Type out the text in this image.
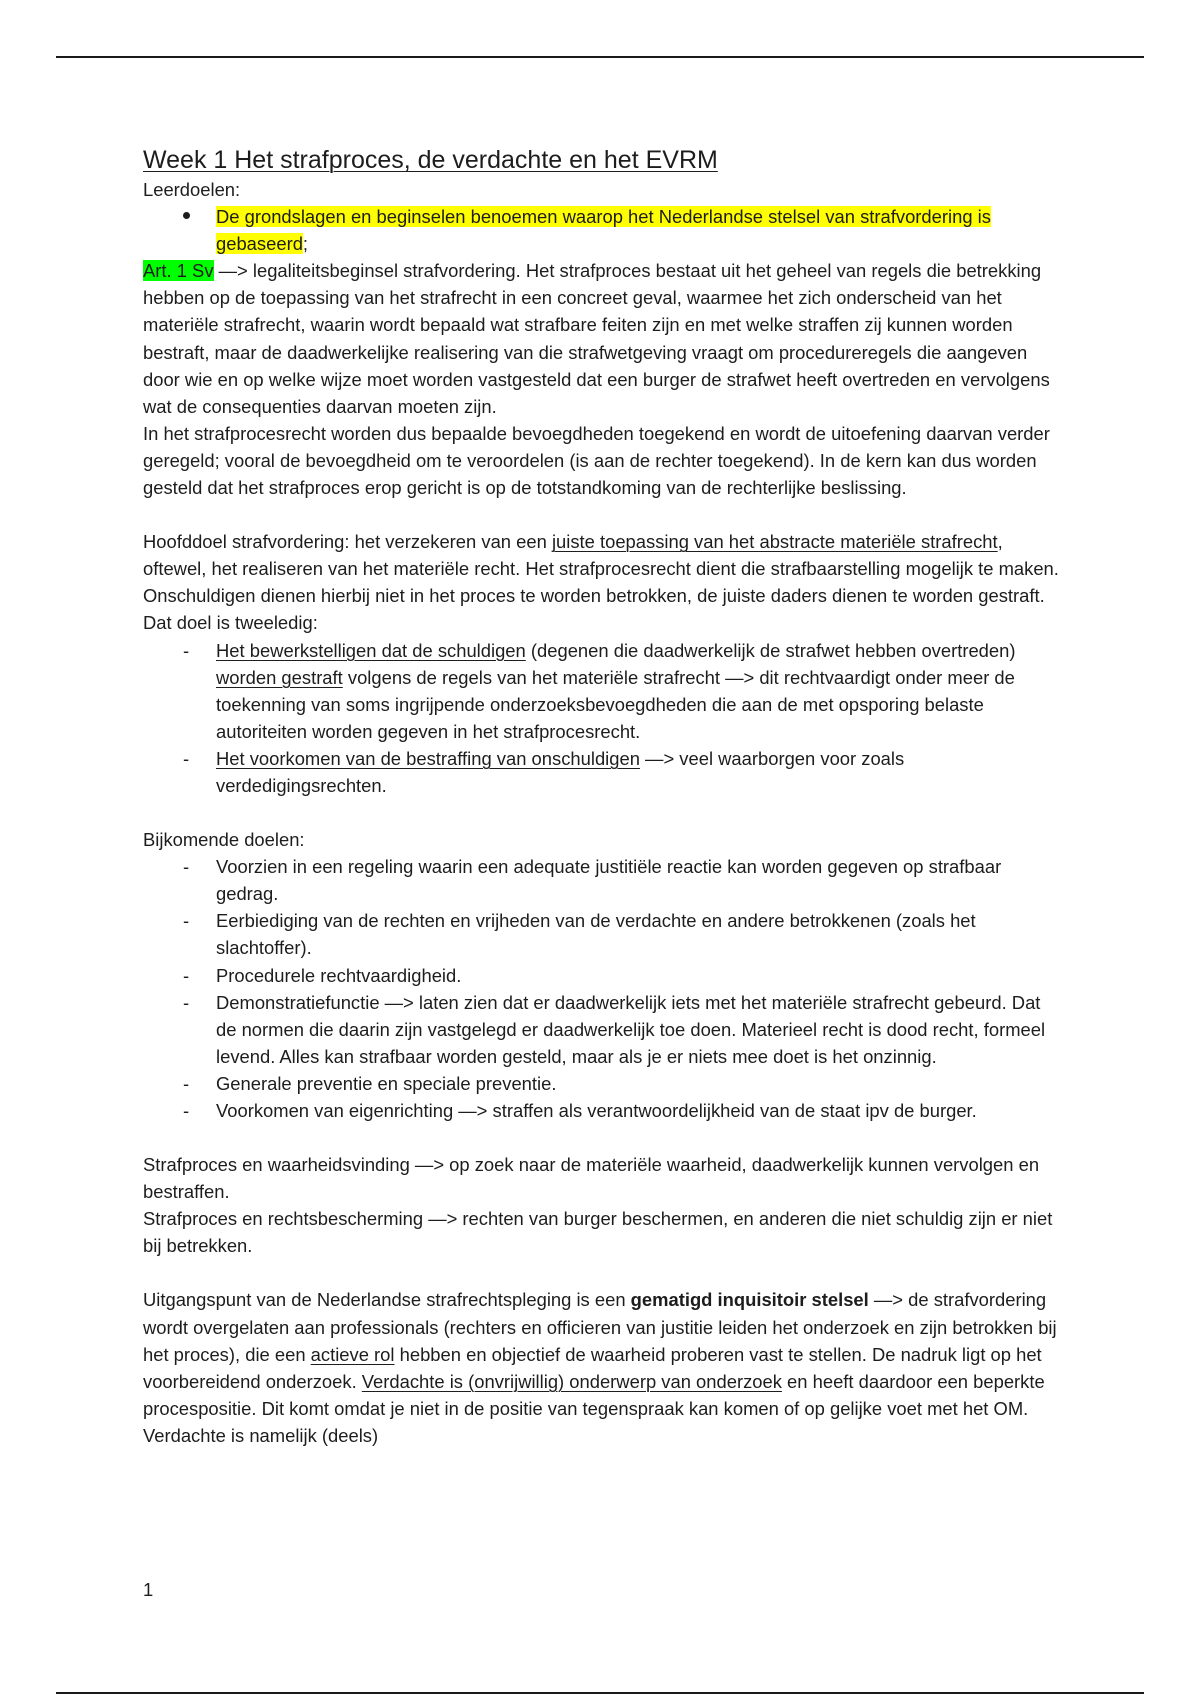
Week 1 Het strafproces, de verdachte en het EVRM

Leerdoelen:

De grondslagen en beginselen benoemen waarop het Nederlandse stelsel van strafvordering is gebaseerd;

Art. 1 Sv —> legaliteitsbeginsel strafvordering. Het strafproces bestaat uit het geheel van regels die betrekking hebben op de toepassing van het strafrecht in een concreet geval, waarmee het zich onderscheid van het materiële strafrecht, waarin wordt bepaald wat strafbare feiten zijn en met welke straffen zij kunnen worden bestraft, maar de daadwerkelijke realisering van die strafwetgeving vraagt om procedureregels die aangeven door wie en op welke wijze moet worden vastgesteld dat een burger de strafwet heeft overtreden en vervolgens wat de consequenties daarvan moeten zijn.

In het strafprocesrecht worden dus bepaalde bevoegdheden toegekend en wordt de uitoefening daarvan verder geregeld; vooral de bevoegdheid om te veroordelen (is aan de rechter toegekend). In de kern kan dus worden gesteld dat het strafproces erop gericht is op de totstandkoming van de rechterlijke beslissing.

Hoofddoel strafvordering: het verzekeren van een juiste toepassing van het abstracte materiële strafrecht, oftewel, het realiseren van het materiële recht. Het strafprocesrecht dient die strafbaarstelling mogelijk te maken. Onschuldigen dienen hierbij niet in het proces te worden betrokken, de juiste daders dienen te worden gestraft. Dat doel is tweeledig:

- Het bewerkstelligen dat de schuldigen (degenen die daadwerkelijk de strafwet hebben overtreden) worden gestraft volgens de regels van het materiële strafrecht —> dit rechtvaardigt onder meer de toekenning van soms ingrijpende onderzoeksbevoegdheden die aan de met opsporing belaste autoriteiten worden gegeven in het strafprocesrecht.
- Het voorkomen van de bestraffing van onschuldigen —> veel waarborgen voor zoals verdedigingsrechten.

Bijkomende doelen:

- Voorzien in een regeling waarin een adequate justitiële reactie kan worden gegeven op strafbaar gedrag.
- Eerbiediging van de rechten en vrijheden van de verdachte en andere betrokkenen (zoals het slachtoffer).
- Procedurele rechtvaardigheid.
- Demonstratiefunctie —> laten zien dat er daadwerkelijk iets met het materiële strafrecht gebeurd. Dat de normen die daarin zijn vastgelegd er daadwerkelijk toe doen. Materieel recht is dood recht, formeel levend. Alles kan strafbaar worden gesteld, maar als je er niets mee doet is het onzinnig.
- Generale preventie en speciale preventie.
- Voorkomen van eigenrichting —> straffen als verantwoordelijkheid van de staat ipv de burger.

Strafproces en waarheidsvinding —> op zoek naar de materiële waarheid, daadwerkelijk kunnen vervolgen en bestraffen.

Strafproces en rechtsbescherming —> rechten van burger beschermen, en anderen die niet schuldig zijn er niet bij betrekken.

Uitgangspunt van de Nederlandse strafrechtspleging is een gematigd inquisitoir stelsel —> de strafvordering wordt overgelaten aan professionals (rechters en officieren van justitie leiden het onderzoek en zijn betrokken bij het proces), die een actieve rol hebben en objectief de waarheid proberen vast te stellen. De nadruk ligt op het voorbereidend onderzoek. Verdachte is (onvrijwillig) onderwerp van onderzoek en heeft daardoor een beperkte procespositie. Dit komt omdat je niet in de positie van tegenspraak kan komen of op gelijke voet met het OM. Verdachte is namelijk (deels)

1
